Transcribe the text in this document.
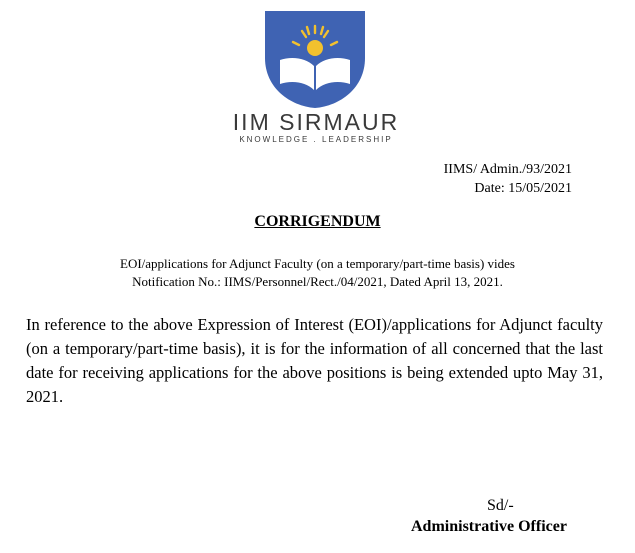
IIM SIRMAUR
KNOWLEDGE . LEADERSHIP
IIMS/ Admin./93/2021
Date: 15/05/2021
CORRIGENDUM
EOI/applications for Adjunct Faculty (on a temporary/part-time basis) vides
Notification No.: IIMS/Personnel/Rect./04/2021, Dated April 13, 2021.
In reference to the above Expression of Interest (EOI)/applications for Adjunct faculty (on a temporary/part-time basis), it is for the information of all concerned that the last date for receiving applications for the above positions is being extended upto May 31, 2021.
Sd/-
Administrative Officer
